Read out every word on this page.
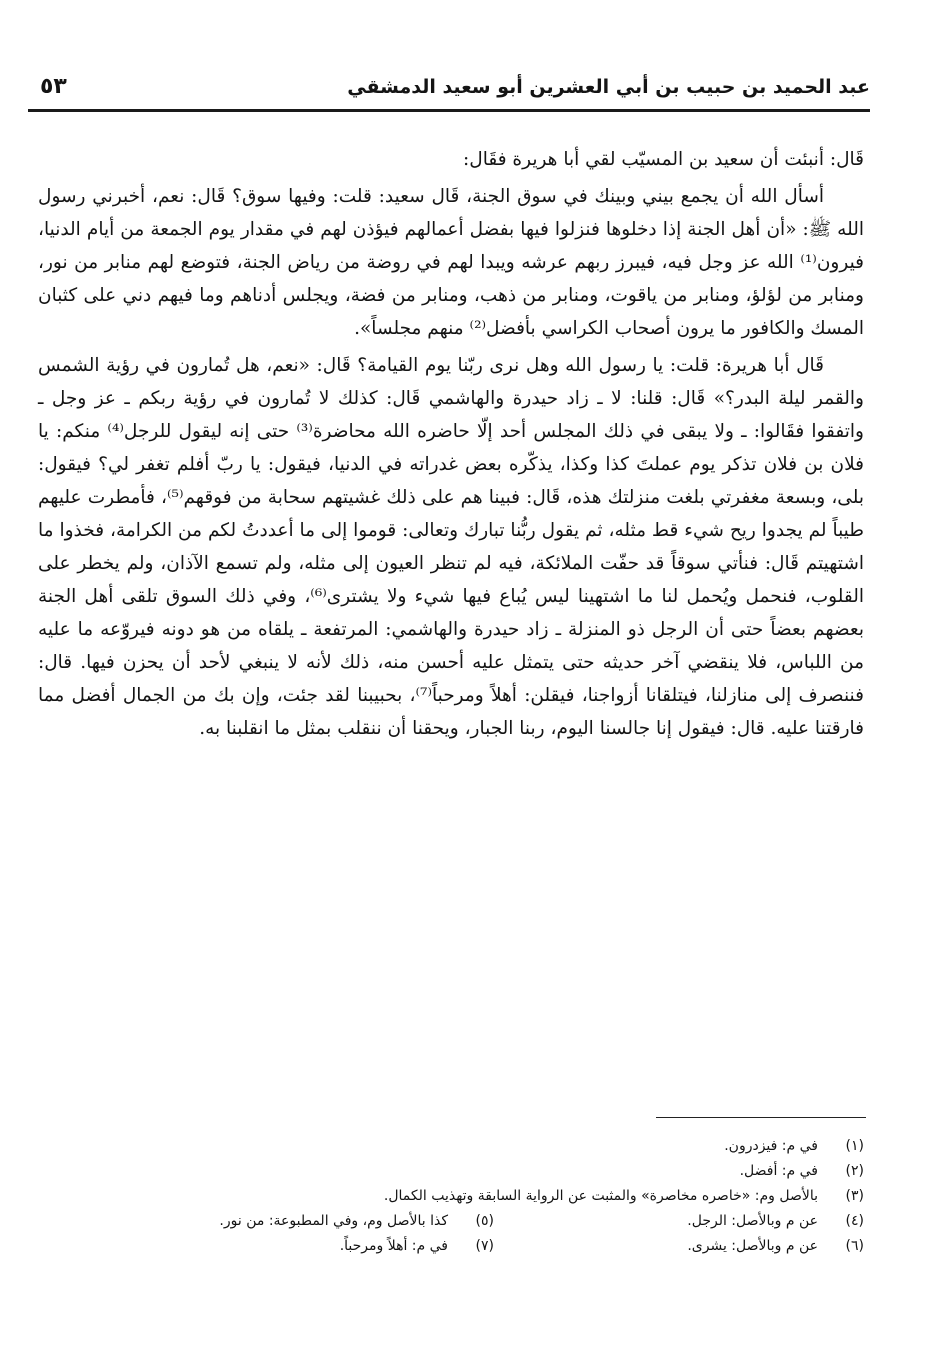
عبد الحميد بن حبيب بن أبي العشرين أبو سعيد الدمشقي
٥٣

قَال: أنبئت أن سعيد بن المسيّب لقي أبا هريرة فقَال:

أسأل الله أن يجمع بيني وبينك في سوق الجنة، قَال سعيد: قلت: وفيها سوق؟ قَال: نعم، أخبرني رسول الله ﷺ: «أن أهل الجنة إذا دخلوها فنزلوا فيها بفضل أعمالهم فيؤذن لهم في مقدار يوم الجمعة من أيام الدنيا، فيرون⁽¹⁾ الله عز وجل فيه، فيبرز ربهم عرشه ويبدا لهم في روضة من رياض الجنة، فتوضع لهم منابر من نور، ومنابر من لؤلؤ، ومنابر من ياقوت، ومنابر من ذهب، ومنابر من فضة، ويجلس أدناهم وما فيهم دني على كثبان المسك والكافور ما يرون أصحاب الكراسي بأفضل⁽²⁾ منهم مجلساً».

قَال أبا هريرة: قلت: يا رسول الله وهل نرى ربّنا يوم القيامة؟ قَال: «نعم، هل تُمارون في رؤية الشمس والقمر ليلة البدر؟» قَال: قلنا: لا ـ زاد حيدرة والهاشمي قَال: كذلك لا تُمارون في رؤية ربكم ـ عز وجل ـ واتفقوا فقَالوا: ـ ولا يبقى في ذلك المجلس أحد إلّا حاضره الله محاضرة⁽³⁾ حتى إنه ليقول للرجل⁽⁴⁾ منكم: يا فلان بن فلان تذكر يوم عملتَ كذا وكذا، يذكّره بعض غدراته في الدنيا، فيقول: يا ربّ أفلم تغفر لي؟ فيقول: بلى، وبسعة مغفرتي بلغت منزلتك هذه، قَال: فبينا هم على ذلك غشيتهم سحابة من فوقهم⁽⁵⁾، فأمطرت عليهم طيباً لم يجدوا ريح شيء قط مثله، ثم يقول ربُّنا تبارك وتعالى: قوموا إلى ما أعددتُ لكم من الكرامة، فخذوا ما اشتهيتم قَال: فنأتي سوقاً قد حفّت الملائكة، فيه لم تنظر العيون إلى مثله، ولم تسمع الآذان، ولم يخطر على القلوب، فنحمل ويُحمل لنا ما اشتهينا ليس يُباع فيها شيء ولا يشترى⁽⁶⁾، وفي ذلك السوق تلقى أهل الجنة بعضهم بعضاً حتى أن الرجل ذو المنزلة ـ زاد حيدرة والهاشمي: المرتفعة ـ يلقاه من هو دونه فيروّعه ما عليه من اللباس، فلا ينقضي آخر حديثه حتى يتمثل عليه أحسن منه، ذلك لأنه لا ينبغي لأحد أن يحزن فيها. قال: فننصرف إلى منازلنا، فيتلقانا أزواجنا، فيقلن: أهلاً ومرحباً⁽⁷⁾، بحبيبنا لقد جئت، وإن بك من الجمال أفضل مما فارقتنا عليه. قال: فيقول إنا جالسنا اليوم، ربنا الجبار، ويحقنا أن ننقلب بمثل ما انقلبنا به.

(١)
في م: فيزدرون.
(٢)
في م: أفضل.
(٣)
بالأصل وم: «خاصره مخاصرة» والمثبت عن الرواية السابقة وتهذيب الكمال.
(٤)
عن م وبالأصل: الرجل.
(٥)
كذا بالأصل وم، وفي المطبوعة: من نور.
(٦)
عن م وبالأصل: يشرى.
(٧)
في م: أهلاً ومرحباً.
